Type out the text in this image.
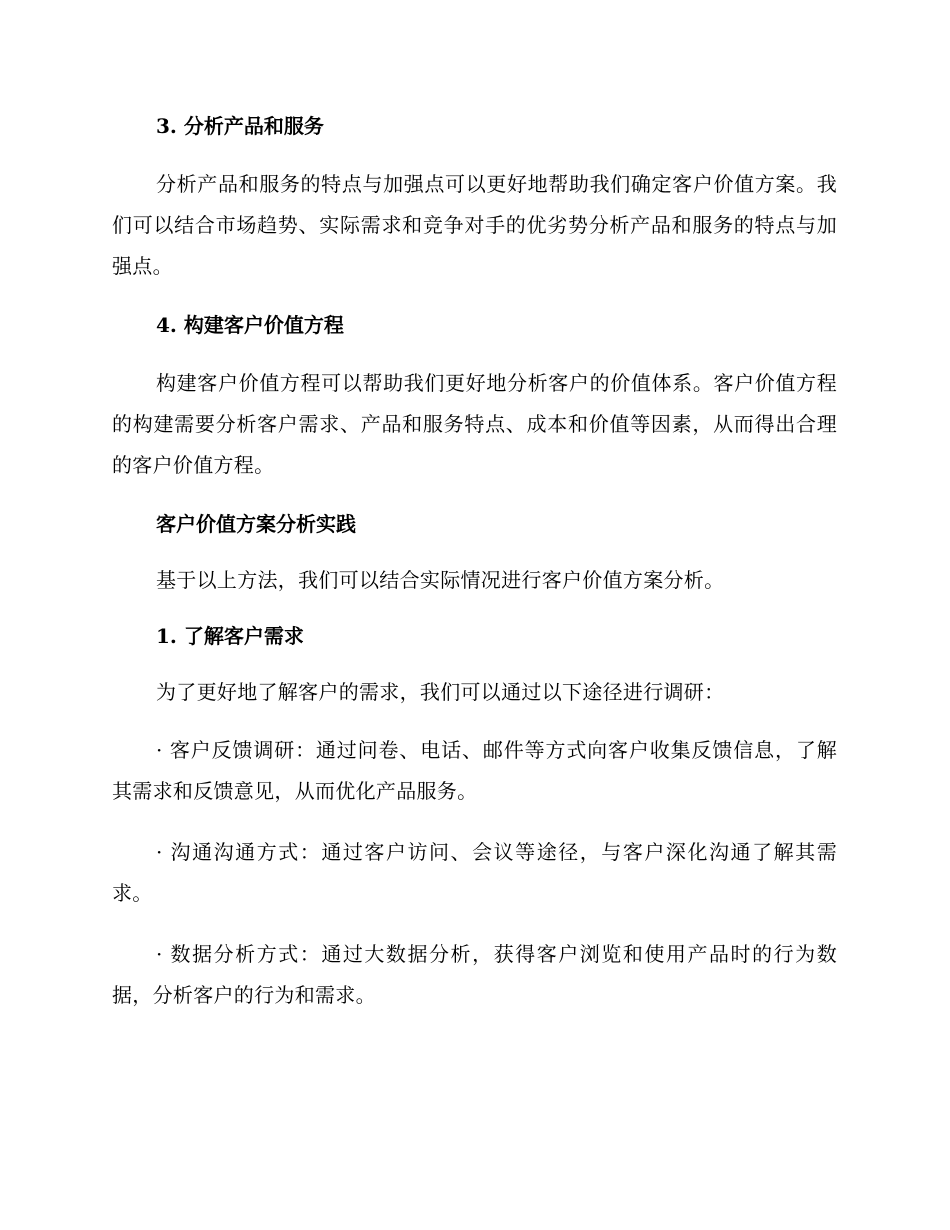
3. 分析产品和服务

分析产品和服务的特点与加强点可以更好地帮助我们确定客户价值方案。我们可以结合市场趋势、实际需求和竞争对手的优劣势分析产品和服务的特点与加强点。

4. 构建客户价值方程

构建客户价值方程可以帮助我们更好地分析客户的价值体系。客户价值方程的构建需要分析客户需求、产品和服务特点、成本和价值等因素，从而得出合理的客户价值方程。

客户价值方案分析实践

基于以上方法，我们可以结合实际情况进行客户价值方案分析。

1. 了解客户需求

为了更好地了解客户的需求，我们可以通过以下途径进行调研：

· 客户反馈调研：通过问卷、电话、邮件等方式向客户收集反馈信息，了解其需求和反馈意见，从而优化产品服务。

· 沟通沟通方式：通过客户访问、会议等途径，与客户深化沟通了解其需求。

· 数据分析方式：通过大数据分析，获得客户浏览和使用产品时的行为数据，分析客户的行为和需求。
